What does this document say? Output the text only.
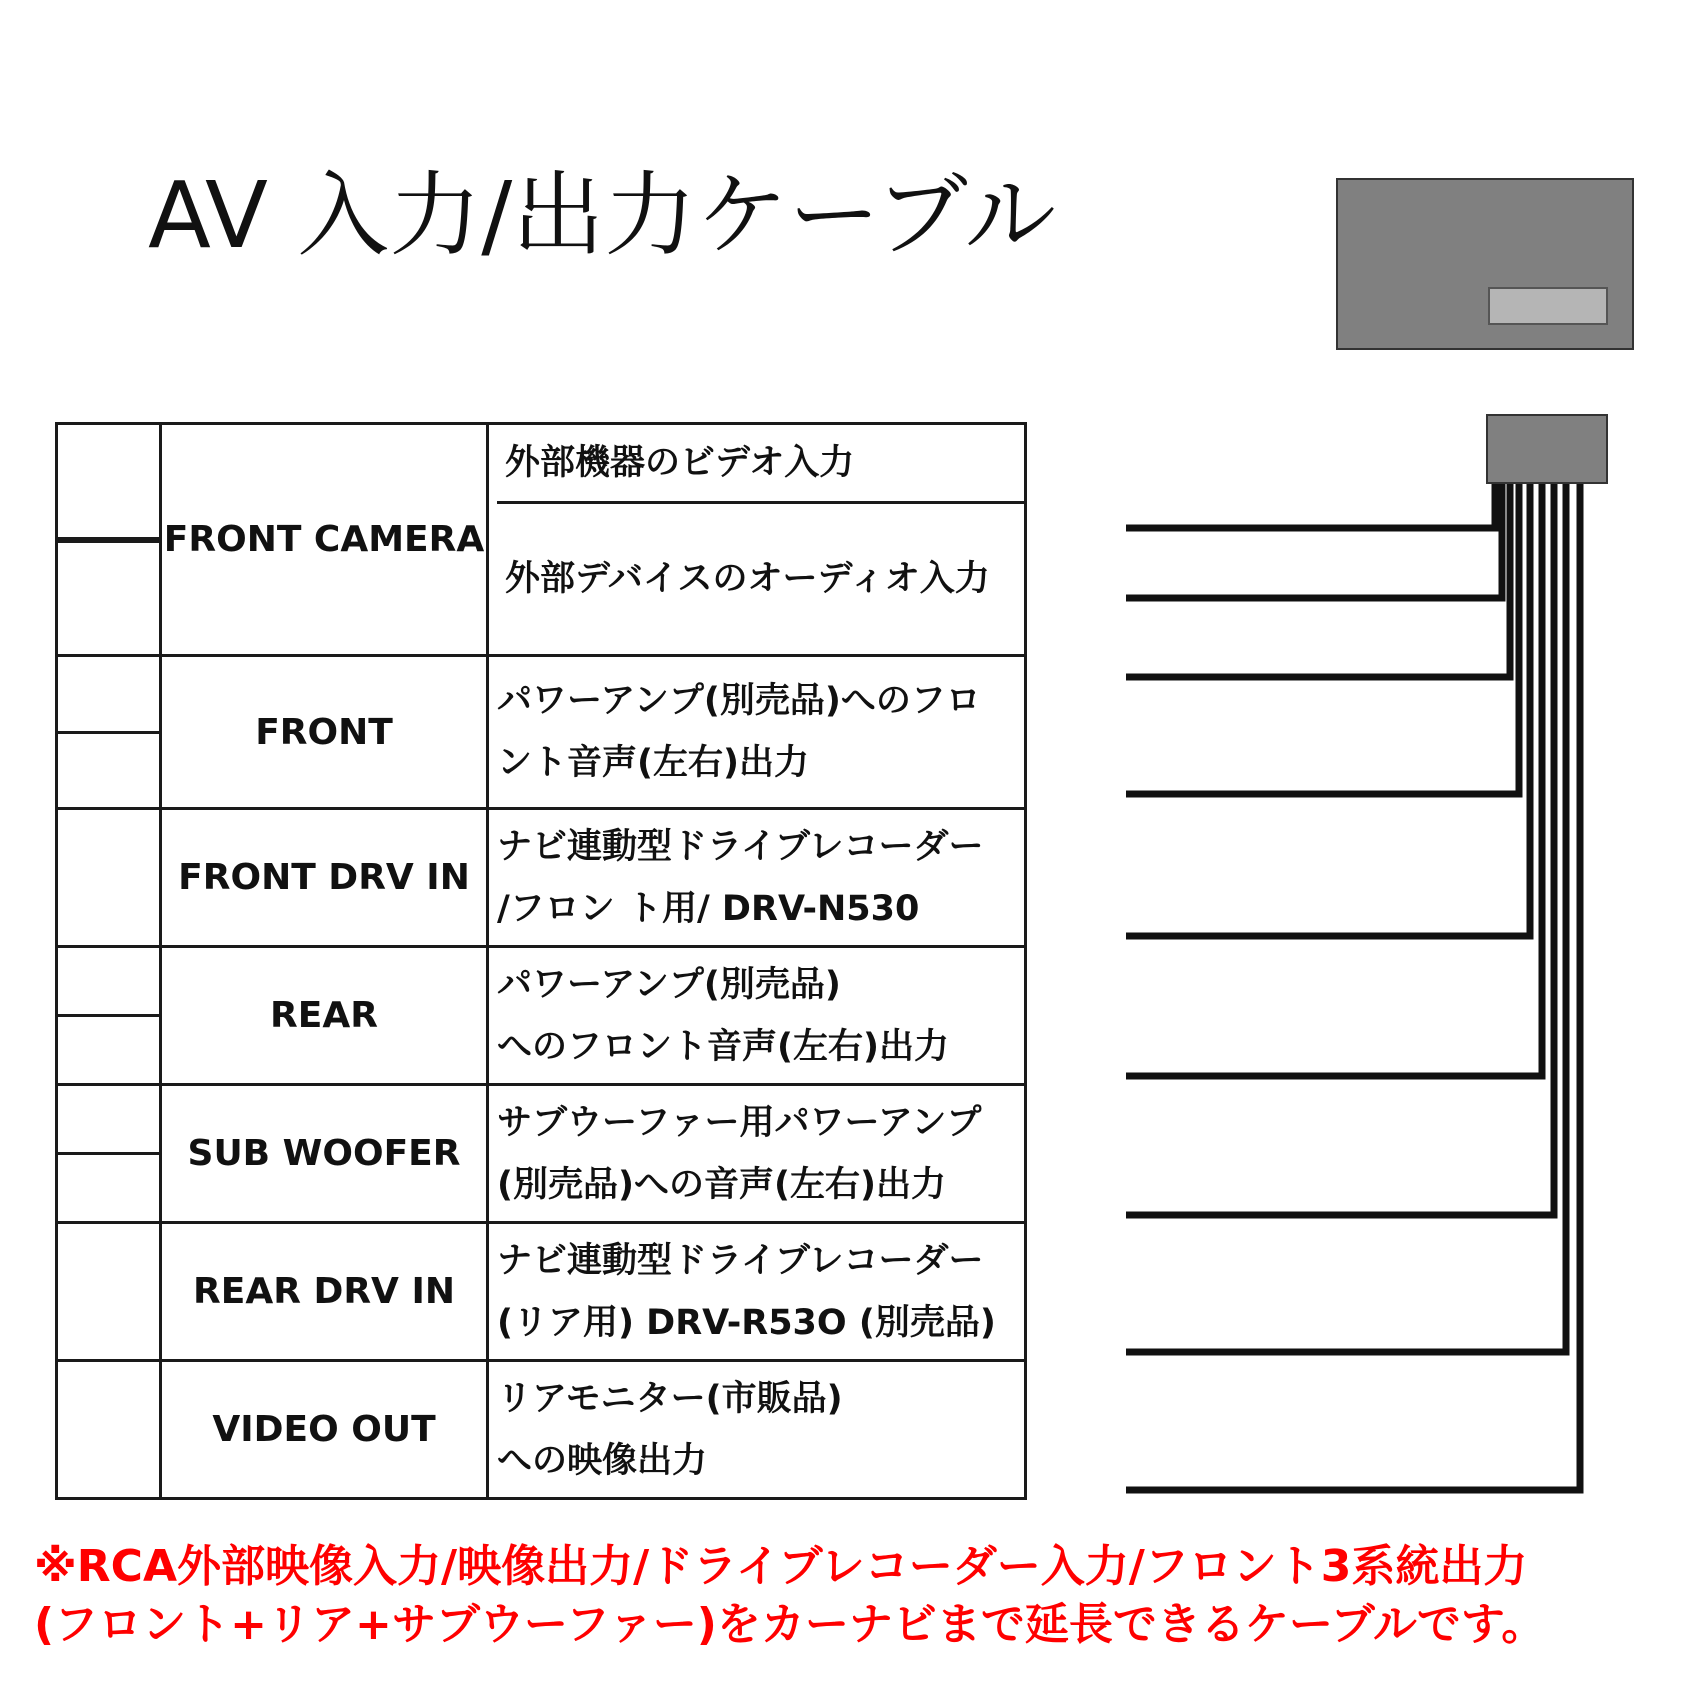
AV 入力/出力ケーブル
	FRONT CAMERA	外部機器のビデオ入力
外部デバイスのオーディオ入力

	FRONT	パワーアンプ(別売品)へのフロ
ント音声(左右)出力

	FRONT DRV IN	ナビ連動型ドライブレコーダー
/フロン ト用/ DRV-N530

	REAR	パワーアンプ(別売品)
へのフロント音声(左右)出力

	SUB WOOFER	サブウーファー用パワーアンプ
(別売品)への音声(左右)出力

	REAR DRV IN	ナビ連動型ドライブレコーダー
(リア用) DRV-R53O (別売品)

	VIDEO OUT	リアモニター(市販品)
への映像出力
※RCA外部映像入力/映像出力/ドライブレコーダー入力/フロント3系統出力
(フロント+リア+サブウーファー)をカーナビまで延長できるケーブルです。
